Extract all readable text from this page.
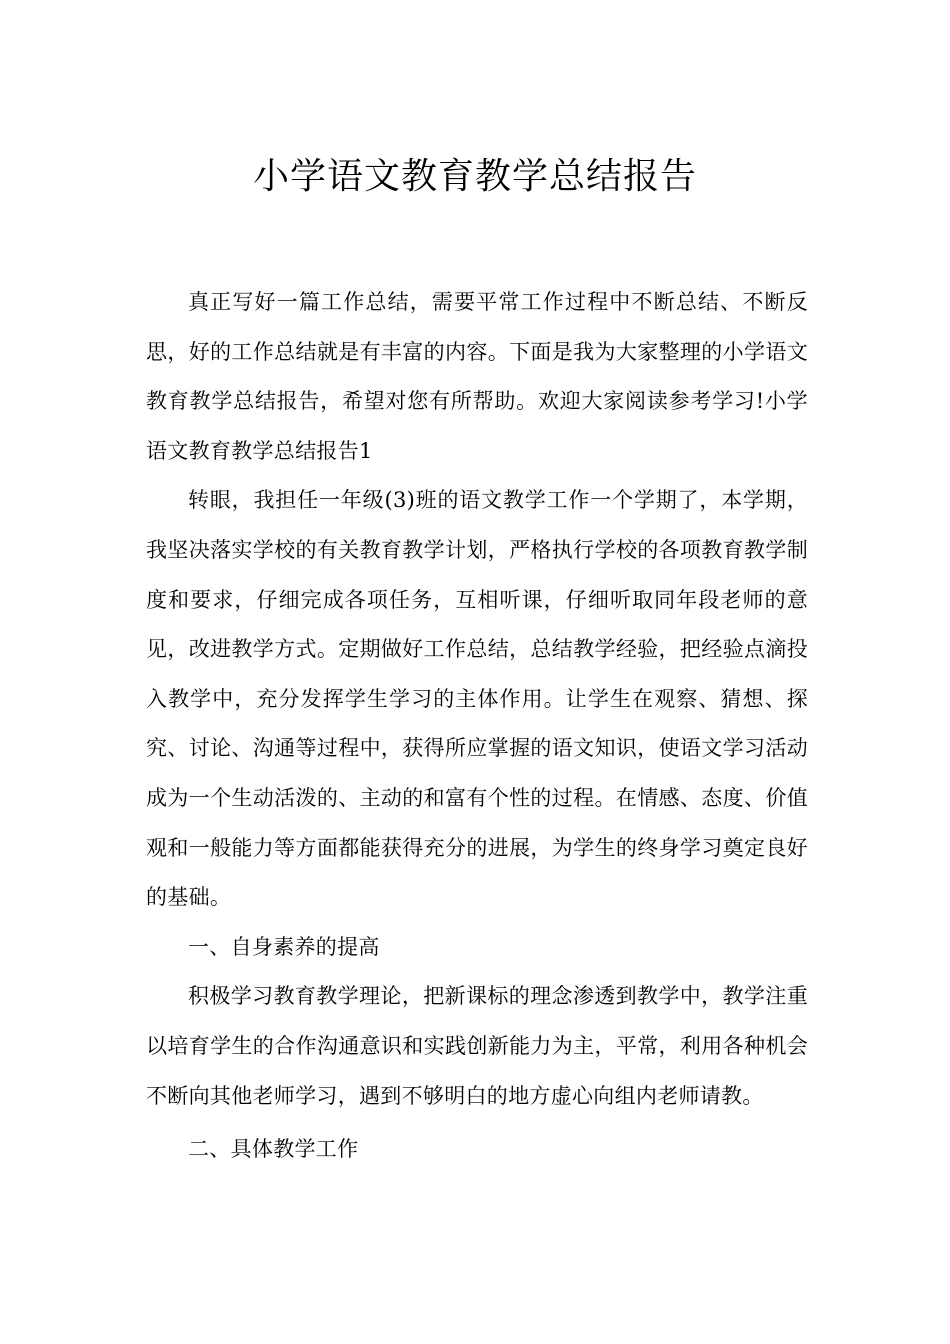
小学语文教育教学总结报告

真正写好一篇工作总结，需要平常工作过程中不断总结、不断反思，好的工作总结就是有丰富的内容。下面是我为大家整理的小学语文教育教学总结报告，希望对您有所帮助。欢迎大家阅读参考学习!小学语文教育教学总结报告1

转眼，我担任一年级(3)班的语文教学工作一个学期了，本学期，我坚决落实学校的有关教育教学计划，严格执行学校的各项教育教学制度和要求，仔细完成各项任务，互相听课，仔细听取同年段老师的意见，改进教学方式。定期做好工作总结，总结教学经验，把经验点滴投入教学中，充分发挥学生学习的主体作用。让学生在观察、猜想、探究、讨论、沟通等过程中，获得所应掌握的语文知识，使语文学习活动成为一个生动活泼的、主动的和富有个性的过程。在情感、态度、价值观和一般能力等方面都能获得充分的进展，为学生的终身学习奠定良好的基础。

一、自身素养的提高

积极学习教育教学理论，把新课标的理念渗透到教学中，教学注重以培育学生的合作沟通意识和实践创新能力为主，平常，利用各种机会不断向其他老师学习，遇到不够明白的地方虚心向组内老师请教。

二、具体教学工作
